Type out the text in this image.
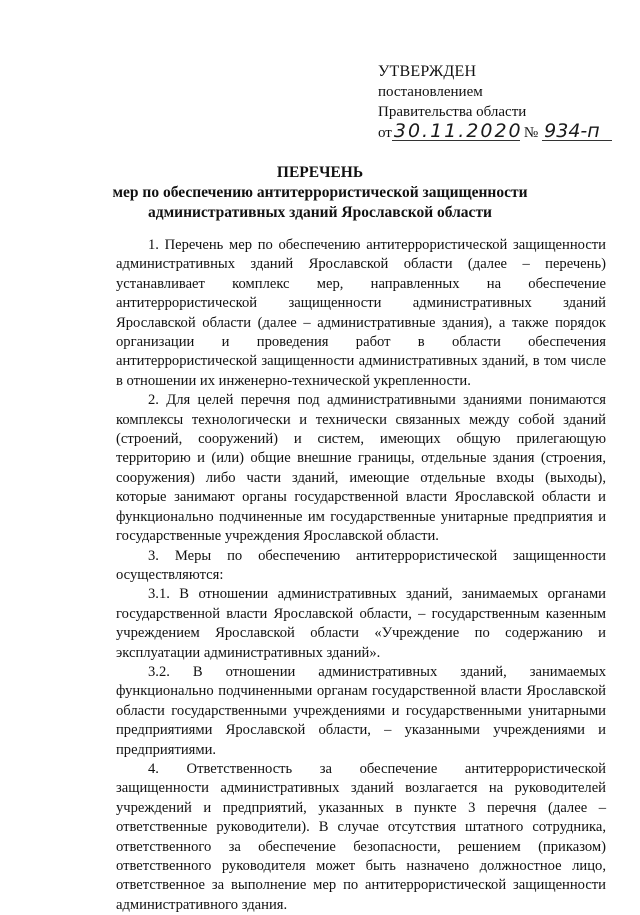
УТВЕРЖДЕН
постановлением
Правительства области
от 30.11.2020 № 934-п
ПЕРЕЧЕНЬ
мер по обеспечению антитеррористической защищенности
административных зданий Ярославской области

1. Перечень мер по обеспечению антитеррористической защищенности административных зданий Ярославской области (далее – перечень) устанавливает комплекс мер, направленных на обеспечение антитеррористической защищенности административных зданий Ярославской области (далее – административные здания), а также порядок организации и проведения работ в области обеспечения антитеррористической защищенности административных зданий, в том числе в отношении их инженерно-технической укрепленности.

2. Для целей перечня под административными зданиями понимаются комплексы технологически и технически связанных между собой зданий (строений, сооружений) и систем, имеющих общую прилегающую территорию и (или) общие внешние границы, отдельные здания (строения, сооружения) либо части зданий, имеющие отдельные входы (выходы), которые занимают органы государственной власти Ярославской области и функционально подчиненные им государственные унитарные предприятия и государственные учреждения Ярославской области.

3. Меры по обеспечению антитеррористической защищенности осуществляются:

3.1. В отношении административных зданий, занимаемых органами государственной власти Ярославской области, – государственным казенным учреждением Ярославской области «Учреждение по содержанию и эксплуатации административных зданий».

3.2. В отношении административных зданий, занимаемых функционально подчиненными органам государственной власти Ярославской области государственными учреждениями и государственными унитарными предприятиями Ярославской области, – указанными учреждениями и предприятиями.

4. Ответственность за обеспечение антитеррористической защищенности административных зданий возлагается на руководителей учреждений и предприятий, указанных в пункте 3 перечня (далее – ответственные руководители). В случае отсутствия штатного сотрудника, ответственного за обеспечение безопасности, решением (приказом) ответственного руководителя может быть назначено должностное лицо, ответственное за выполнение мер по антитеррористической защищенности административного здания.
